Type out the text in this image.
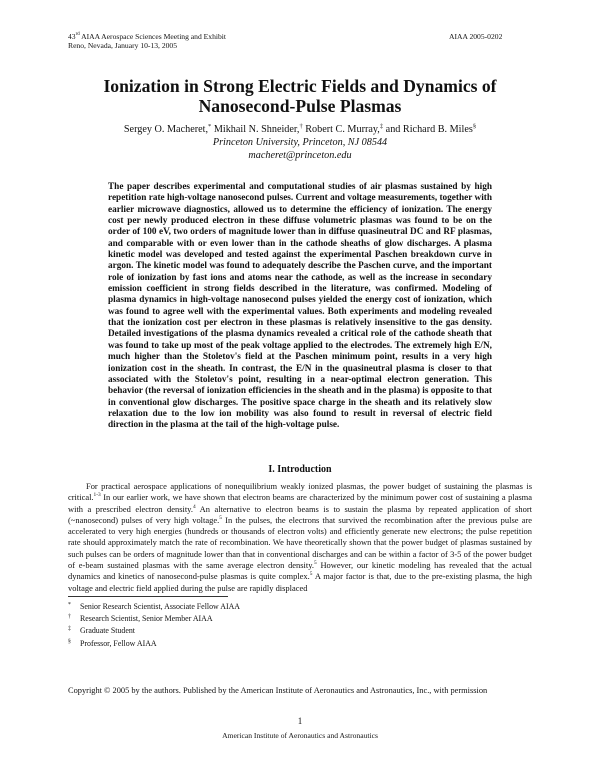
43rd AIAA Aerospace Sciences Meeting and Exhibit
Reno, Nevada, January 10-13, 2005
AIAA 2005-0202
Ionization in Strong Electric Fields and Dynamics of
Nanosecond-Pulse Plasmas
Sergey O. Macheret,* Mikhail N. Shneider,† Robert C. Murray,‡ and Richard B. Miles§
Princeton University, Princeton, NJ 08544
macheret@princeton.edu
The paper describes experimental and computational studies of air plasmas sustained by high repetition rate high-voltage nanosecond pulses. Current and voltage measurements, together with earlier microwave diagnostics, allowed us to determine the efficiency of ionization. The energy cost per newly produced electron in these diffuse volumetric plasmas was found to be on the order of 100 eV, two orders of magnitude lower than in diffuse quasineutral DC and RF plasmas, and comparable with or even lower than in the cathode sheaths of glow discharges. A plasma kinetic model was developed and tested against the experimental Paschen breakdown curve in argon. The kinetic model was found to adequately describe the Paschen curve, and the important role of ionization by fast ions and atoms near the cathode, as well as the increase in secondary emission coefficient in strong fields described in the literature, was confirmed. Modeling of plasma dynamics in high-voltage nanosecond pulses yielded the energy cost of ionization, which was found to agree well with the experimental values. Both experiments and modeling revealed that the ionization cost per electron in these plasmas is relatively insensitive to the gas density. Detailed investigations of the plasma dynamics revealed a critical role of the cathode sheath that was found to take up most of the peak voltage applied to the electrodes. The extremely high E/N, much higher than the Stoletov's field at the Paschen minimum point, results in a very high ionization cost in the sheath. In contrast, the E/N in the quasineutral plasma is closer to that associated with the Stoletov's point, resulting in a near-optimal electron generation. This behavior (the reversal of ionization efficiencies in the sheath and in the plasma) is opposite to that in conventional glow discharges. The positive space charge in the sheath and its relatively slow relaxation due to the low ion mobility was also found to result in reversal of electric field direction in the plasma at the tail of the high-voltage pulse.
I. Introduction

For practical aerospace applications of nonequilibrium weakly ionized plasmas, the power budget of sustaining the plasmas is critical.$^{1-3}$ In our earlier work, we have shown that electron beams are characterized by the minimum power cost of sustaining a plasma with a prescribed electron density.$^4$ An alternative to electron beams is to sustain the plasma by repeated application of short (~nanosecond) pulses of very high voltage.$^5$ In the pulses, the electrons that survived the recombination after the previous pulse are accelerated to very high energies (hundreds or thousands of electron volts) and efficiently generate new electrons; the pulse repetition rate should approximately match the rate of recombination. We have theoretically shown that the power budget of plasmas sustained by such pulses can be orders of magnitude lower than that in conventional discharges and can be within a factor of 3-5 of the power budget of e-beam sustained plasmas with the same average electron density.$^5$ However, our kinetic modeling has revealed that the actual dynamics and kinetics of nanosecond-pulse plasmas is quite complex.$^5$ A major factor is that, due to the pre-existing plasma, the high voltage and electric field applied during the pulse are rapidly displaced

* Senior Research Scientist, Associate Fellow AIAA
† Research Scientist, Senior Member AIAA
‡ Graduate Student
§ Professor, Fellow AIAA
Copyright © 2005 by the authors. Published by the American Institute of Aeronautics and Astronautics, Inc., with permission
1
American Institute of Aeronautics and Astronautics
